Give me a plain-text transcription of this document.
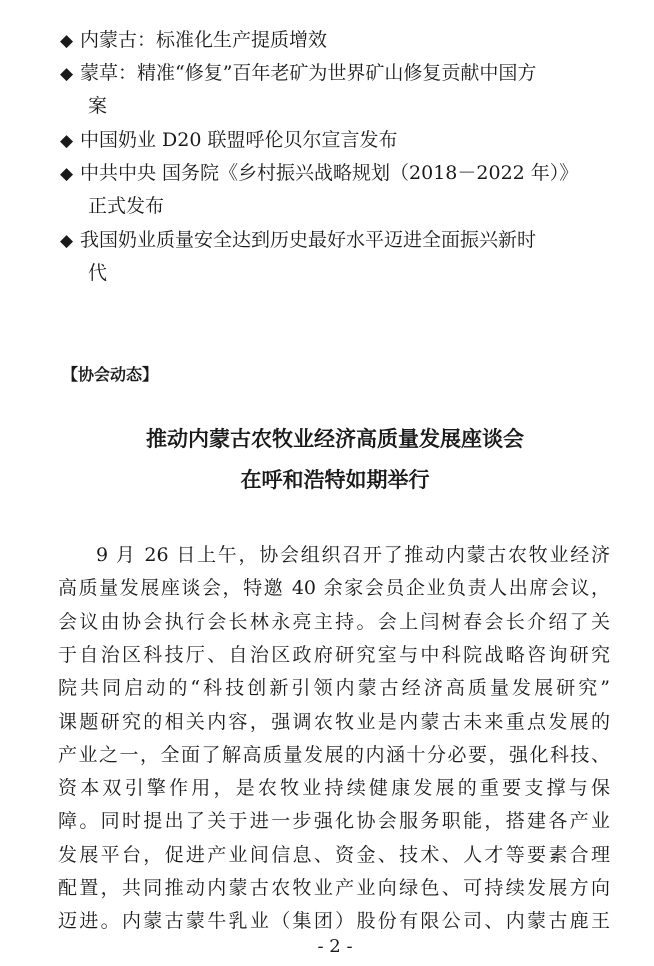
◆ 内蒙古：标准化生产提质增效
◆ 蒙草：精准“修复”百年老矿为世界矿山修复贡献中国方
案
◆ 中国奶业 D20 联盟呼伦贝尔宣言发布
◆ 中共中央 国务院《乡村振兴战略规划（2018－2022 年）》
正式发布
◆ 我国奶业质量安全达到历史最好水平迈进全面振兴新时
代
【协会动态】
推动内蒙古农牧业经济高质量发展座谈会
在呼和浩特如期举行
9 月 26 日上午，协会组织召开了推动内蒙古农牧业经济
高质量发展座谈会，特邀 40 余家会员企业负责人出席会议，
会议由协会执行会长林永亮主持。会上闫树春会长介绍了关
于自治区科技厅、自治区政府研究室与中科院战略咨询研究
院共同启动的“科技创新引领内蒙古经济高质量发展研究”
课题研究的相关内容，强调农牧业是内蒙古未来重点发展的
产业之一，全面了解高质量发展的内涵十分必要，强化科技、
资本双引擎作用，是农牧业持续健康发展的重要支撑与保
障。同时提出了关于进一步强化协会服务职能，搭建各产业
发展平台，促进产业间信息、资金、技术、人才等要素合理
配置，共同推动内蒙古农牧业产业向绿色、可持续发展方向
迈进。内蒙古蒙牛乳业（集团）股份有限公司、内蒙古鹿王
- 2 -
